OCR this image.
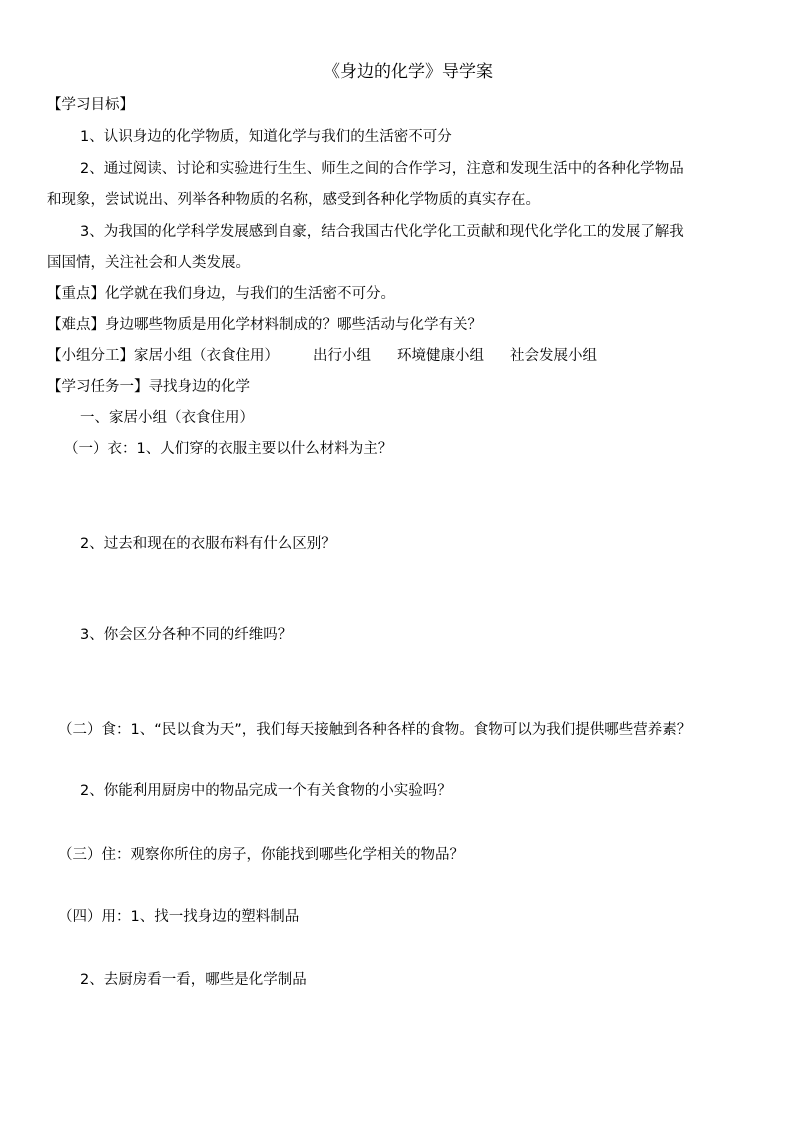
《身边的化学》导学案
【学习目标】
1、认识身边的化学物质，知道化学与我们的生活密不可分
2、通过阅读、讨论和实验进行生生、师生之间的合作学习，注意和发现生活中的各种化学物品
和现象，尝试说出、列举各种物质的名称，感受到各种化学物质的真实存在。
3、为我国的化学科学发展感到自豪，结合我国古代化学化工贡献和现代化学化工的发展了解我
国国情，关注社会和人类发展。
【重点】化学就在我们身边，与我们的生活密不可分。
【难点】身边哪些物质是用化学材料制成的？哪些活动与化学有关？
【小组分工】家居小组（衣食住用） 出行小组 环境健康小组 社会发展小组
【学习任务一】寻找身边的化学
一、家居小组（衣食住用）
（一）衣：1、人们穿的衣服主要以什么材料为主？
2、过去和现在的衣服布料有什么区别？
3、你会区分各种不同的纤维吗？
（二）食：1、“民以食为天”，我们每天接触到各种各样的食物。食物可以为我们提供哪些营养素？
2、你能利用厨房中的物品完成一个有关食物的小实验吗？
（三）住：观察你所住的房子，你能找到哪些化学相关的物品？
（四）用：1、找一找身边的塑料制品
2、去厨房看一看，哪些是化学制品
